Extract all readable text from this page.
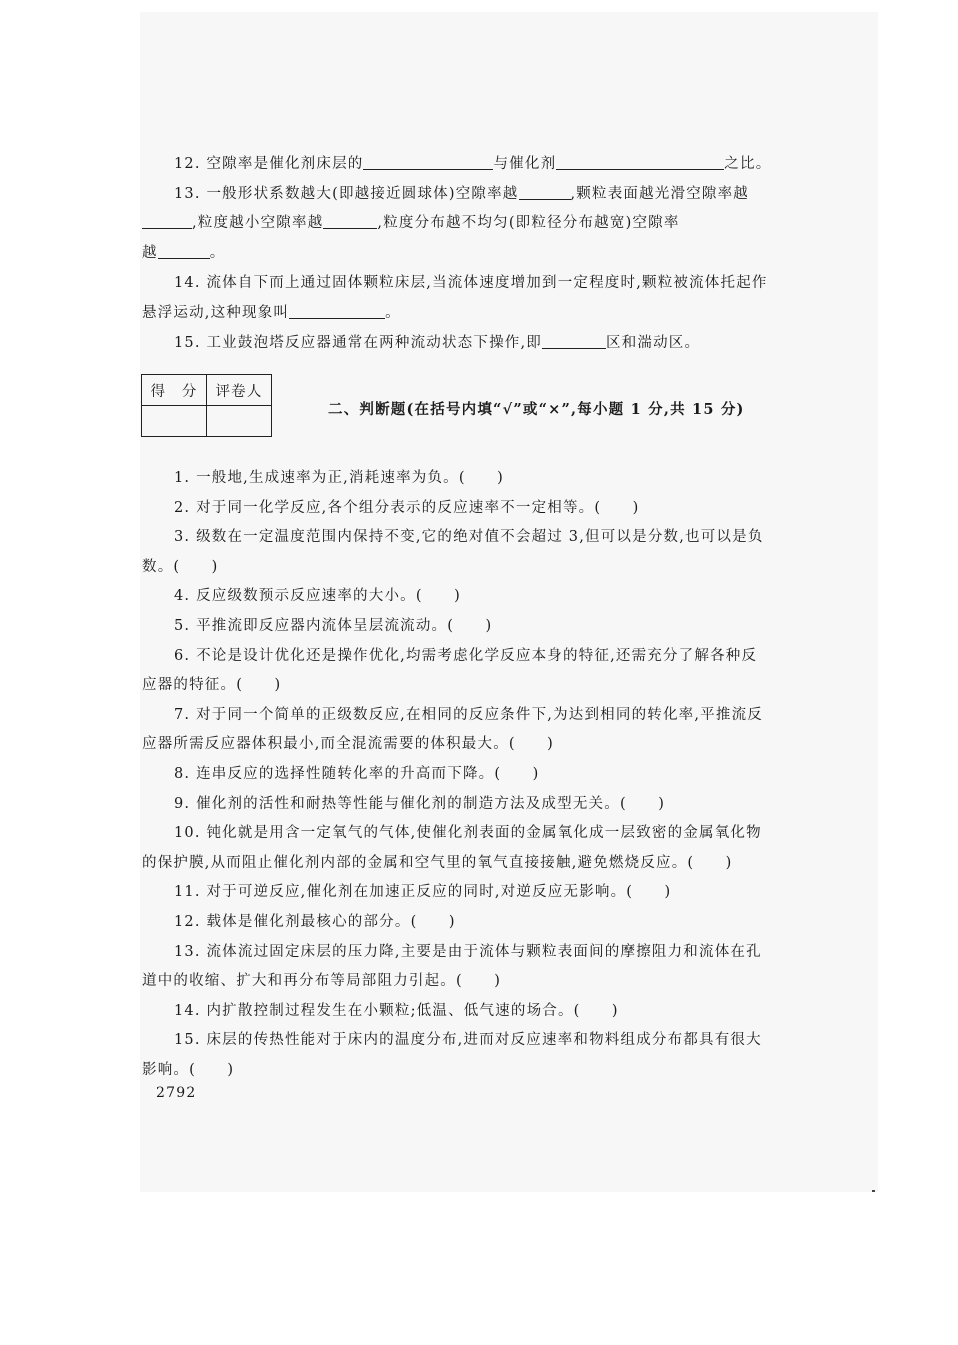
12. 空隙率是催化剂床层的	与催化剂	之比。
13. 一般形状系数越大(即越接近圆球体)空隙率越	,颗粒表面越光滑空隙率越
,粒度越小空隙率越	,粒度分布越不均匀(即粒径分布越宽)空隙率
越	。
14. 流体自下而上通过固体颗粒床层,当流体速度增加到一定程度时,颗粒被流体托起作
悬浮运动,这种现象叫	。
15. 工业鼓泡塔反应器通常在两种流动状态下操作,即	区和湍动区。
得　分	评卷人

二、判断题(在括号内填“√”或“×”,每小题 1 分,共 15 分)
1. 一般地,生成速率为正,消耗速率为负。(　　)
2. 对于同一化学反应,各个组分表示的反应速率不一定相等。(　　)
3. 级数在一定温度范围内保持不变,它的绝对值不会超过 3,但可以是分数,也可以是负
数。(　　)
4. 反应级数预示反应速率的大小。(　　)
5. 平推流即反应器内流体呈层流流动。(　　)
6. 不论是设计优化还是操作优化,均需考虑化学反应本身的特征,还需充分了解各种反
应器的特征。(　　)
7. 对于同一个简单的正级数反应,在相同的反应条件下,为达到相同的转化率,平推流反
应器所需反应器体积最小,而全混流需要的体积最大。(　　)
8. 连串反应的选择性随转化率的升高而下降。(　　)
9. 催化剂的活性和耐热等性能与催化剂的制造方法及成型无关。(　　)
10. 钝化就是用含一定氧气的气体,使催化剂表面的金属氧化成一层致密的金属氧化物
的保护膜,从而阻止催化剂内部的金属和空气里的氧气直接接触,避免燃烧反应。(　　)
11. 对于可逆反应,催化剂在加速正反应的同时,对逆反应无影响。(　　)
12. 载体是催化剂最核心的部分。(　　)
13. 流体流过固定床层的压力降,主要是由于流体与颗粒表面间的摩擦阻力和流体在孔
道中的收缩、扩大和再分布等局部阻力引起。(　　)
14. 内扩散控制过程发生在小颗粒;低温、低气速的场合。(　　)
15. 床层的传热性能对于床内的温度分布,进而对反应速率和物料组成分布都具有很大
影响。(　　)
2792
